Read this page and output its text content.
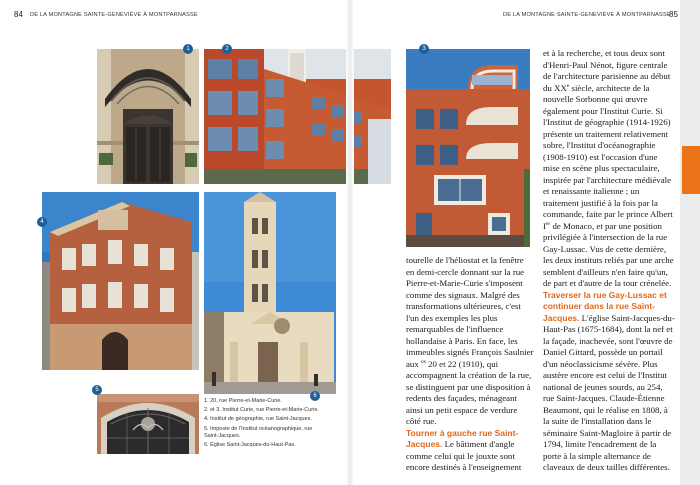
84 DE LA MONTAGNE SAINTE-GENEVIÈVE À MONTPARNASSE
1	2
4
6
5
1. 20, rue Pierre-et-Marie-Curie.
2. et 3. Institut Curie, rue Pierre-et-Marie-Curie.
4. Institut de géographie, rue Saint-Jacques.
5. Imposte de l'Institut océanographique, rue Saint-Jacques.
6. Église Saint-Jacques-du-Haut-Pas.
DE LA MONTAGNE SAINTE-GENEVIÈVE À MONTPARNASSE
85
3

tourelle de l'héliostat et la fenêtre en demi-cercle donnant sur la rue Pierre-et-Marie-Curie s'imposent comme des signaux. Malgré des transformations ultérieures, c'est l'un des exemples les plus remarquables de l'influence hollandaise à Paris. En face, les immeubles signés François Saulnier aux $^{os}$ 20 et 22 (1910), qui accompagnent la création de la rue, se distinguent par une disposition à redents des façades, ménageant ainsi un petit espace de verdure côté rue.

Tourner à gauche rue Saint-Jacques. Le bâtiment d'angle comme celui qui le jouxte sont encore destinés à l'enseignement

et à la recherche, et tous deux sont d'Henri-Paul Nénot, figure centrale de l'architecture parisienne au début du XXe siècle, architecte de la nouvelle Sorbonne qui œuvre également pour l'Institut Curie. Si l'Institut de géographie (1914-1926) présente un traitement relativement sobre, l'Institut d'océanographie (1908-1910) est l'occasion d'une mise en scène plus spectaculaire, inspirée par l'architecture médiévale et renaissante italienne ; un traitement justifié à la fois par la commande, faite par le prince Albert Ier de Monaco, et par une position privilégiée à l'intersection de la rue Gay-Lussac. Vus de cette dernière, les deux instituts reliés par une arche semblent d'ailleurs n'en faire qu'un, de part et d'autre de la tour crénelée.

Traverser la rue Gay-Lussac et continuer dans la rue Saint-Jacques. L'église Saint-Jacques-du-Haut-Pas (1675-1684), dont la nef et la façade, inachevée, sont l'œuvre de Daniel Gittard, possède un portail d'un néoclassicisme sévère. Plus austère encore est celui de l'Institut national de jeunes sourds, au 254, rue Saint-Jacques. Claude-Étienne Beaumont, qui le réalise en 1808, à la suite de l'installation dans le séminaire Saint-Magloire à partir de 1794, limite l'encadrement de la porte à la simple alternance de claveaux de deux tailles différentes.
